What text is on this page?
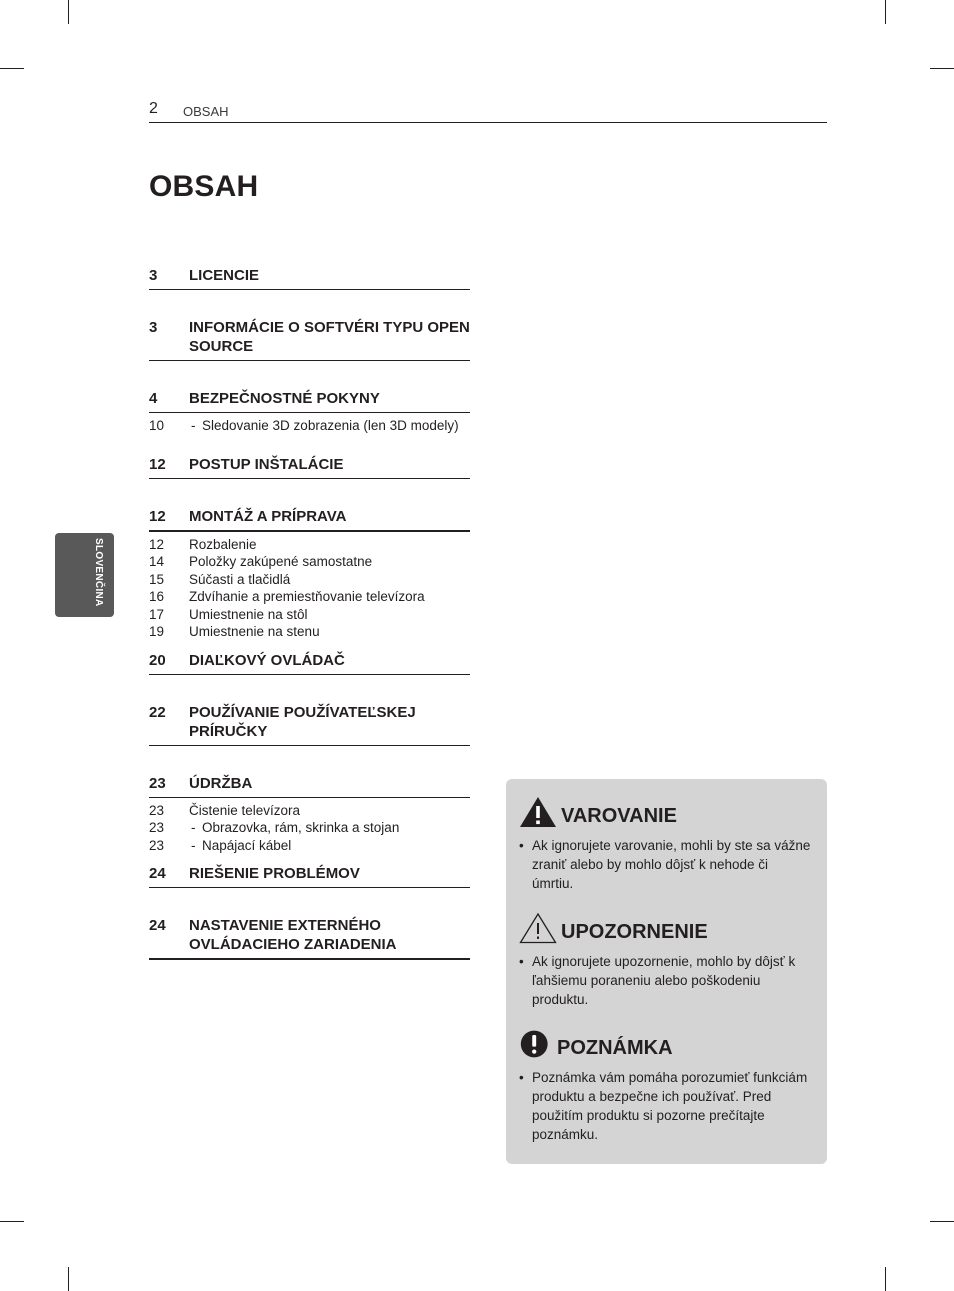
2 OBSAH
OBSAH
SLOVENČINA
3	LICENCIE
3	INFORMÁCIE O SOFTVÉRI TYPU OPEN SOURCE
4	BEZPEČNOSTNÉ POKYNY
10	- Sledovanie 3D zobrazenia (len 3D modely)
12	POSTUP INŠTALÁCIE
12	MONTÁŽ A PRÍPRAVA
12	Rozbalenie
14	Položky zakúpené samostatne
15	Súčasti a tlačidlá
16	Zdvíhanie a premiestňovanie televízora
17	Umiestnenie na stôl
19	Umiestnenie na stenu
20	DIAĽKOVÝ OVLÁDAČ
22	POUŽÍVANIE POUŽÍVATEĽSKEJ PRÍRUČKY
23	ÚDRŽBA
23	Čistenie televízora
23	- Obrazovka, rám, skrinka a stojan
23	- Napájací kábel
24	RIEŠENIE PROBLÉMOV
24	NASTAVENIE EXTERNÉHO OVLÁDACIEHO ZARIADENIA
VAROVANIE
• Ak ignorujete varovanie, mohli by ste sa vážne zraniť alebo by mohlo dôjsť k nehode či úmrtiu.
UPOZORNENIE
• Ak ignorujete upozornenie, mohlo by dôjsť k ľahšiemu poraneniu alebo poškodeniu produktu.
POZNÁMKA
• Poznámka vám pomáha porozumieť funkciám produktu a bezpečne ich používať. Pred použitím produktu si pozorne prečítajte poznámku.
